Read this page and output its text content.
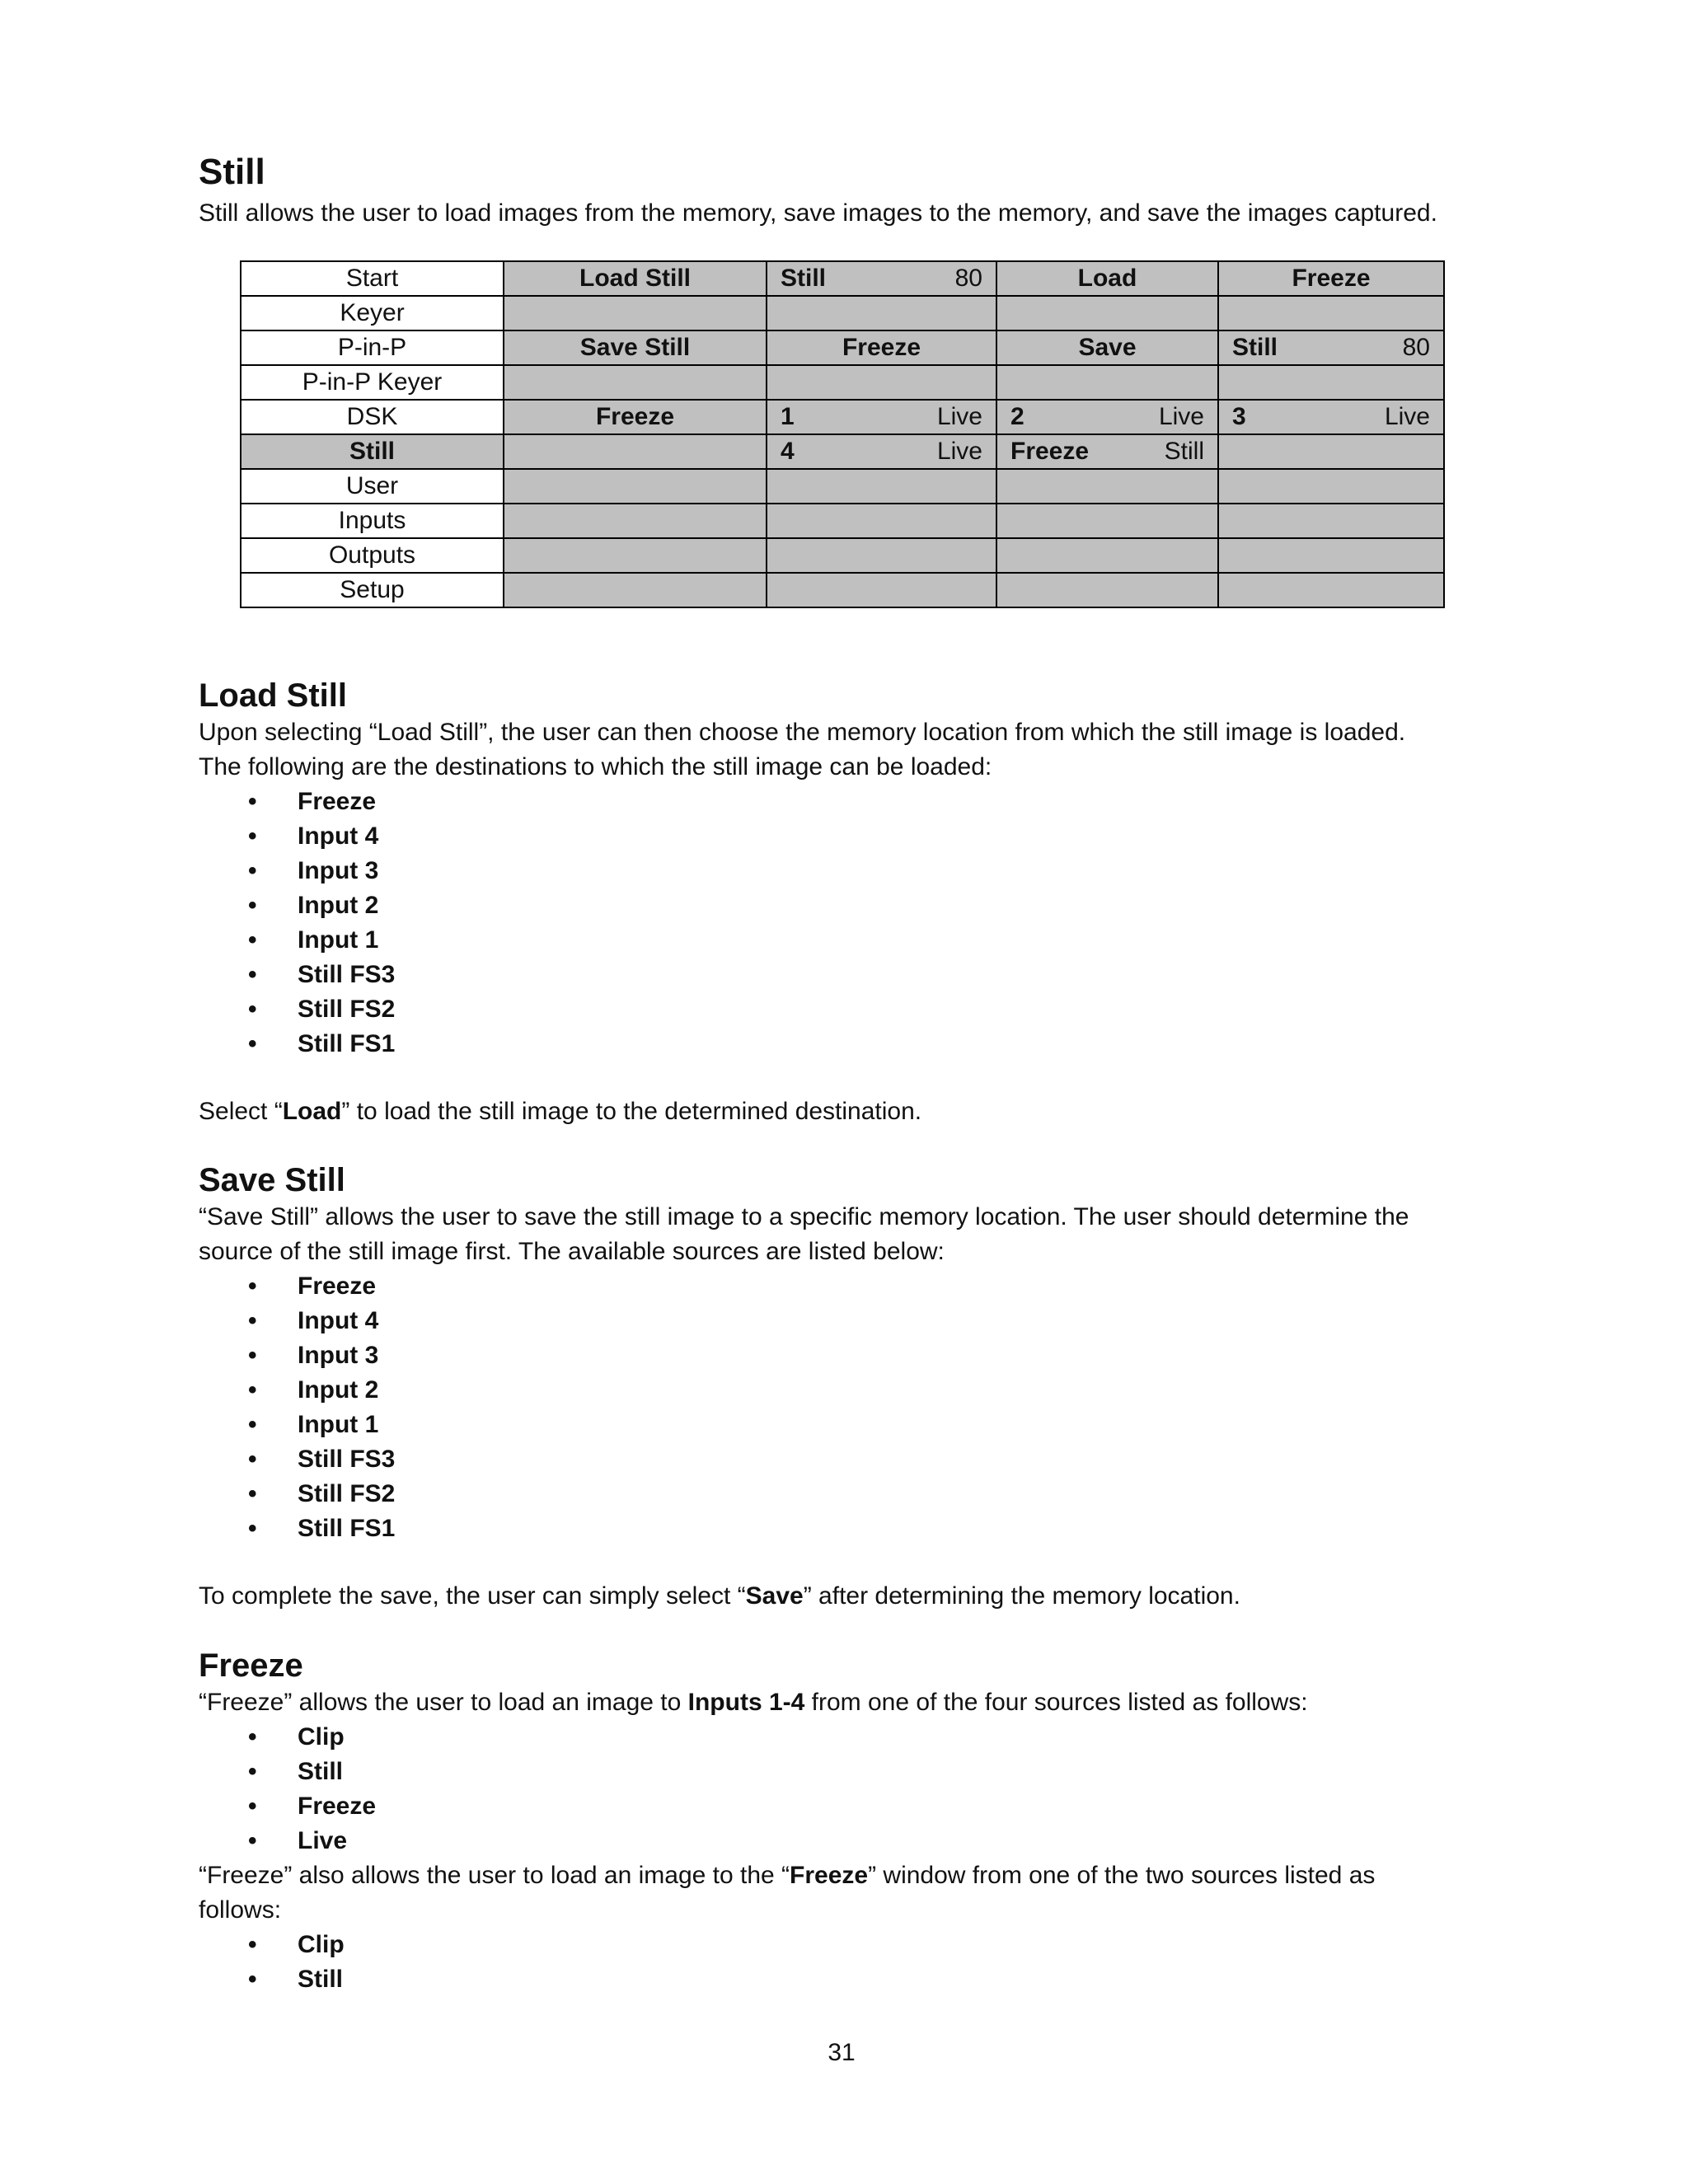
Still

Still allows the user to load images from the memory, save images to the memory, and save the images captured.

Start	Load Still	Still 80	Load	Freeze
Keyer				
P-in-P	Save Still	Freeze	Save	Still 80

P-in-P Keyer				
DSK	Freeze	1 Live	2 Live	3 Live

Still		4 Live	Freeze Still	

User				
Inputs				
Outputs				
Setup				
Load Still

Upon selecting “Load Still”, the user can then choose the memory location from which the still image is loaded.

The following are the destinations to which the still image can be loaded:

• Freeze
• Input 4
• Input 3
• Input 2
• Input 1
• Still FS3
• Still FS2
• Still FS1

Select “Load” to load the still image to the determined destination.

Save Still

“Save Still” allows the user to save the still image to a specific memory location. The user should determine the

source of the still image first. The available sources are listed below:

• Freeze
• Input 4
• Input 3
• Input 2
• Input 1
• Still FS3
• Still FS2
• Still FS1

To complete the save, the user can simply select “Save” after determining the memory location.

Freeze

“Freeze” allows the user to load an image to Inputs 1-4 from one of the four sources listed as follows:

• Clip
• Still
• Freeze
• Live

“Freeze” also allows the user to load an image to the “Freeze” window from one of the two sources listed as

follows:

• Clip
• Still
31
